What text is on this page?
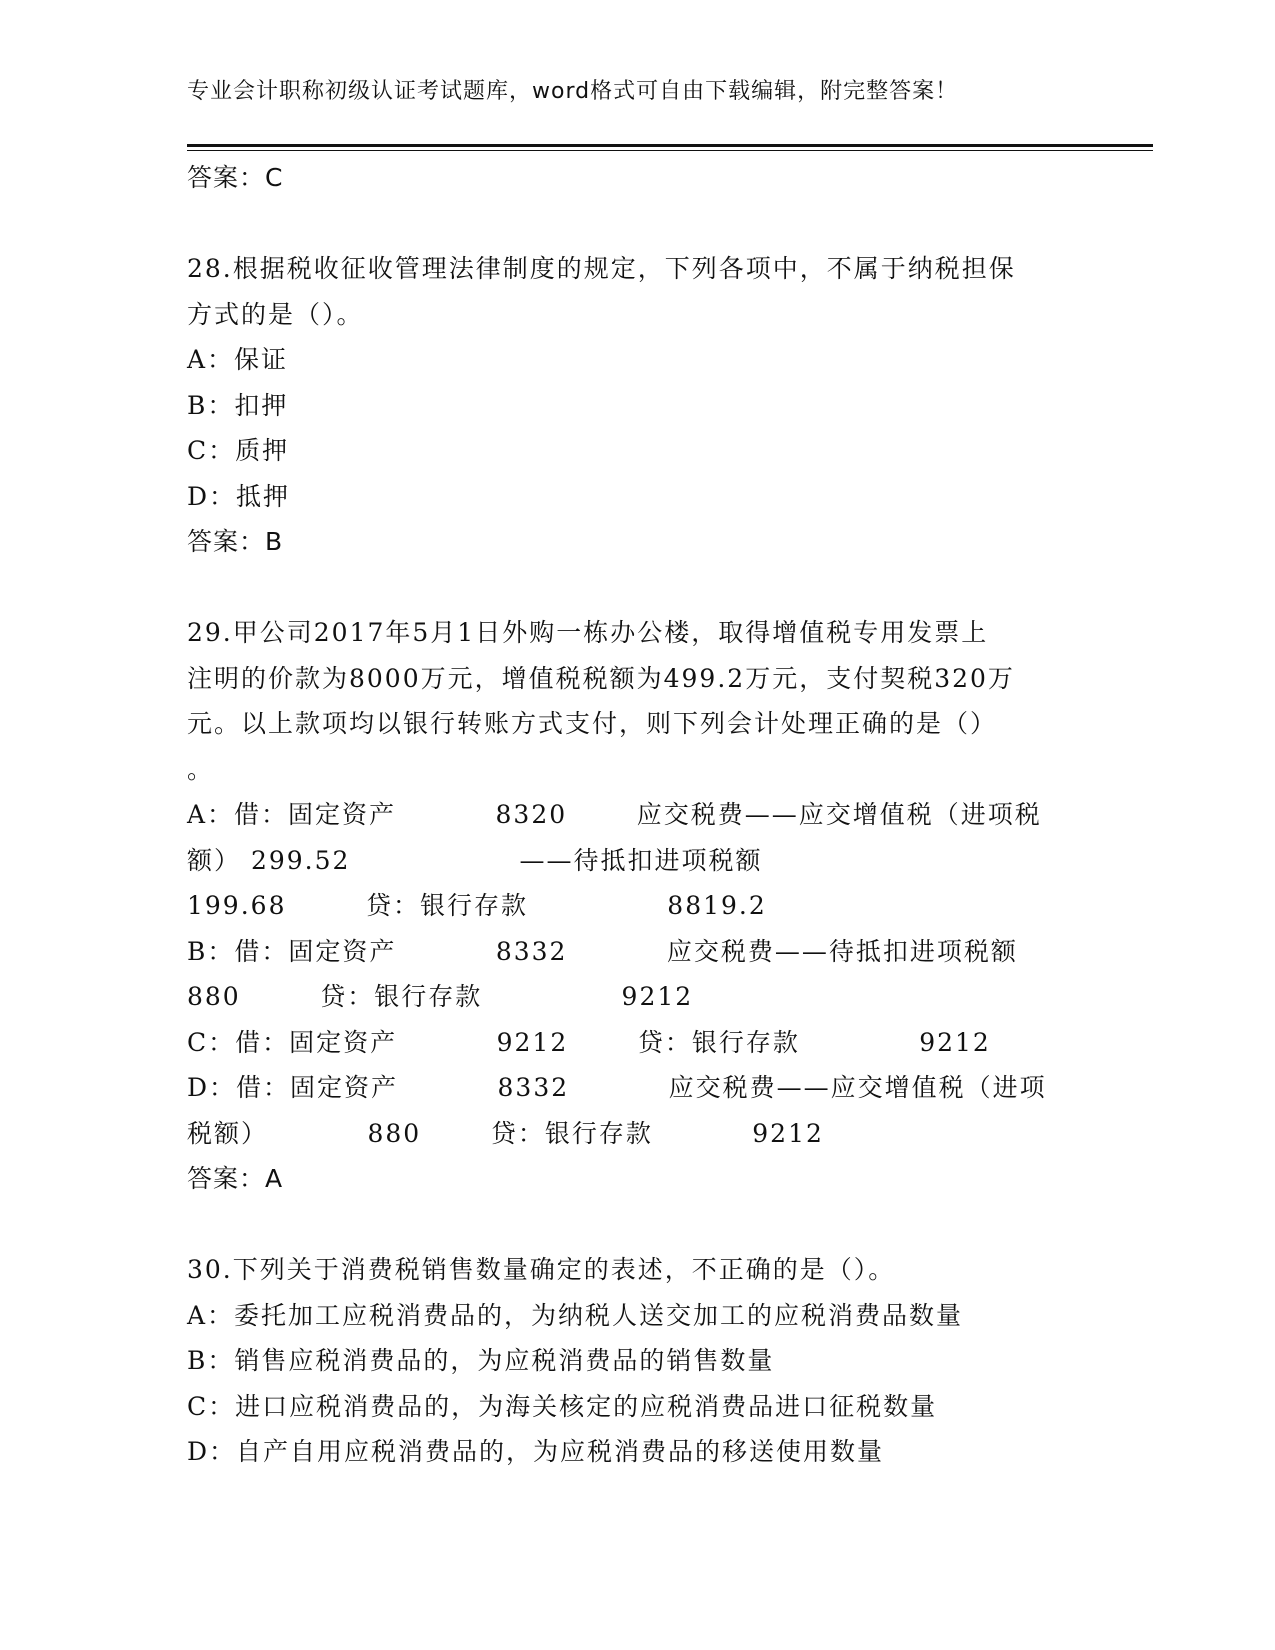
专业会计职称初级认证考试题库，word格式可自由下载编辑，附完整答案！
答案：C
28.根据税收征收管理法律制度的规定，下列各项中，不属于纳税担保
方式的是（）。
A：保证
B：扣押
C：质押
D：抵押
答案：B
29.甲公司2017年5月1日外购一栋办公楼，取得增值税专用发票上
注明的价款为8000万元，增值税税额为499.2万元，支付契税320万
元。以上款项均以银行转账方式支付，则下列会计处理正确的是（）
。
A：借：固定资产          8320       应交税费——应交增值税（进项税
额） 299.52                 ——待抵扣进项税额
199.68        贷：银行存款              8819.2
B：借：固定资产          8332          应交税费——待抵扣进项税额
880        贷：银行存款              9212
C：借：固定资产          9212       贷：银行存款            9212
D：借：固定资产          8332          应交税费——应交增值税（进项
税额）          880       贷：银行存款          9212
答案：A
30.下列关于消费税销售数量确定的表述，不正确的是（）。
A：委托加工应税消费品的，为纳税人送交加工的应税消费品数量
B：销售应税消费品的，为应税消费品的销售数量
C：进口应税消费品的，为海关核定的应税消费品进口征税数量
D：自产自用应税消费品的，为应税消费品的移送使用数量
